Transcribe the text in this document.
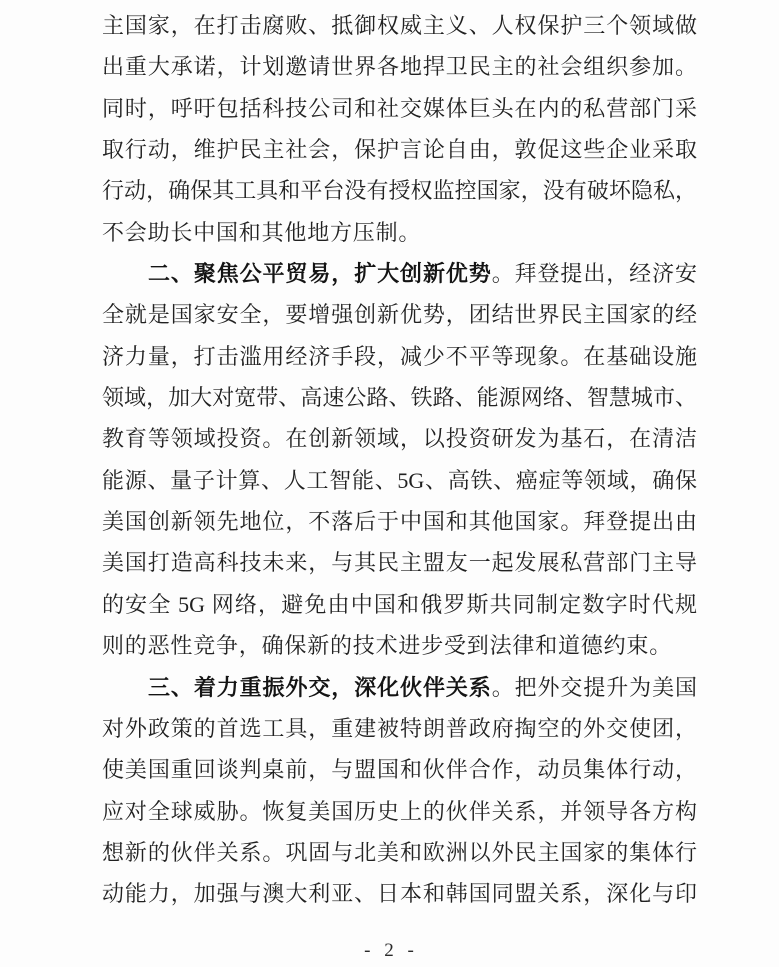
主国家，在打击腐败、抵御权威主义、人权保护三个领域做
出重大承诺，计划邀请世界各地捍卫民主的社会组织参加。
同时，呼吁包括科技公司和社交媒体巨头在内的私营部门采
取行动，维护民主社会，保护言论自由，敦促这些企业采取
行动，确保其工具和平台没有授权监控国家，没有破坏隐私，
不会助长中国和其他地方压制。
二、聚焦公平贸易，扩大创新优势。拜登提出，经济安
全就是国家安全，要增强创新优势，团结世界民主国家的经
济力量，打击滥用经济手段，减少不平等现象。在基础设施
领域，加大对宽带、高速公路、铁路、能源网络、智慧城市、
教育等领域投资。在创新领域，以投资研发为基石，在清洁
能源、量子计算、人工智能、5G、高铁、癌症等领域，确保
美国创新领先地位，不落后于中国和其他国家。拜登提出由
美国打造高科技未来，与其民主盟友一起发展私营部门主导
的安全 5G 网络，避免由中国和俄罗斯共同制定数字时代规
则的恶性竞争，确保新的技术进步受到法律和道德约束。
三、着力重振外交，深化伙伴关系。把外交提升为美国
对外政策的首选工具，重建被特朗普政府掏空的外交使团，
使美国重回谈判桌前，与盟国和伙伴合作，动员集体行动，
应对全球威胁。恢复美国历史上的伙伴关系，并领导各方构
想新的伙伴关系。巩固与北美和欧洲以外民主国家的集体行
动能力，加强与澳大利亚、日本和韩国同盟关系，深化与印
- 2 -
